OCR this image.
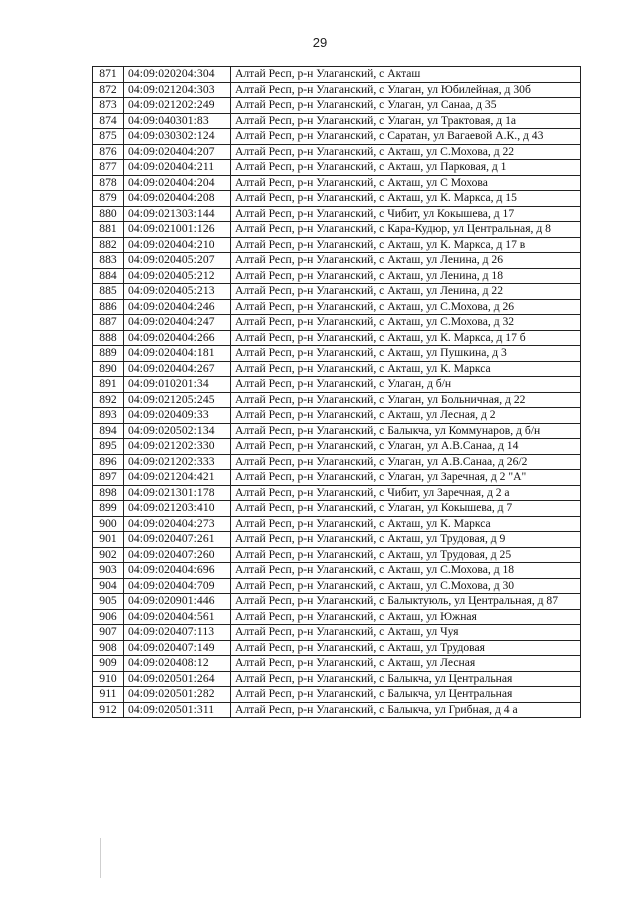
29
871	04:09:020204:304	Алтай Респ, р-н Улаганский, с Акташ
872	04:09:021204:303	Алтай Респ, р-н Улаганский, с Улаган, ул Юбилейная, д 30б
873	04:09:021202:249	Алтай Респ, р-н Улаганский, с Улаган, ул Санаа, д 35
874	04:09:040301:83	Алтай Респ, р-н Улаганский, с Улаган, ул Трактовая, д 1а
875	04:09:030302:124	Алтай Респ, р-н Улаганский, с Саратан, ул Вагаевой А.К., д 43
876	04:09:020404:207	Алтай Респ, р-н Улаганский, с Акташ, ул С.Мохова, д 22
877	04:09:020404:211	Алтай Респ, р-н Улаганский, с Акташ, ул Парковая, д 1
878	04:09:020404:204	Алтай Респ, р-н Улаганский, с Акташ, ул С Мохова
879	04:09:020404:208	Алтай Респ, р-н Улаганский, с Акташ, ул К. Маркса, д 15
880	04:09:021303:144	Алтай Респ, р-н Улаганский, с Чибит, ул Кокышева, д 17
881	04:09:021001:126	Алтай Респ, р-н Улаганский, с Кара-Кудюр, ул Центральная, д 8
882	04:09:020404:210	Алтай Респ, р-н Улаганский, с Акташ, ул К. Маркса, д 17 в
883	04:09:020405:207	Алтай Респ, р-н Улаганский, с Акташ, ул Ленина, д 26
884	04:09:020405:212	Алтай Респ, р-н Улаганский, с Акташ, ул Ленина, д 18
885	04:09:020405:213	Алтай Респ, р-н Улаганский, с Акташ, ул Ленина, д 22
886	04:09:020404:246	Алтай Респ, р-н Улаганский, с Акташ, ул С.Мохова, д 26
887	04:09:020404:247	Алтай Респ, р-н Улаганский, с Акташ, ул С.Мохова, д 32
888	04:09:020404:266	Алтай Респ, р-н Улаганский, с Акташ, ул К. Маркса, д 17 б
889	04:09:020404:181	Алтай Респ, р-н Улаганский, с Акташ, ул Пушкина, д 3
890	04:09:020404:267	Алтай Респ, р-н Улаганский, с Акташ, ул К. Маркса
891	04:09:010201:34	Алтай Респ, р-н Улаганский, с Улаган, д б/н
892	04:09:021205:245	Алтай Респ, р-н Улаганский, с Улаган, ул Больничная, д 22
893	04:09:020409:33	Алтай Респ, р-н Улаганский, с Акташ, ул Лесная, д 2
894	04:09:020502:134	Алтай Респ, р-н Улаганский, с Балыкча, ул Коммунаров, д б/н
895	04:09:021202:330	Алтай Респ, р-н Улаганский, с Улаган, ул А.В.Санаа, д 14
896	04:09:021202:333	Алтай Респ, р-н Улаганский, с Улаган, ул А.В.Санаа, д 26/2
897	04:09:021204:421	Алтай Респ, р-н Улаганский, с Улаган, ул Заречная, д 2 "А"
898	04:09:021301:178	Алтай Респ, р-н Улаганский, с Чибит, ул Заречная, д 2 а
899	04:09:021203:410	Алтай Респ, р-н Улаганский, с Улаган, ул Кокышева, д 7
900	04:09:020404:273	Алтай Респ, р-н Улаганский, с Акташ, ул К. Маркса
901	04:09:020407:261	Алтай Респ, р-н Улаганский, с Акташ, ул Трудовая, д 9
902	04:09:020407:260	Алтай Респ, р-н Улаганский, с Акташ, ул Трудовая, д 25
903	04:09:020404:696	Алтай Респ, р-н Улаганский, с Акташ, ул С.Мохова, д 18
904	04:09:020404:709	Алтай Респ, р-н Улаганский, с Акташ, ул С.Мохова, д 30
905	04:09:020901:446	Алтай Респ, р-н Улаганский, с Балыктуюль, ул Центральная, д 87
906	04:09:020404:561	Алтай Респ, р-н Улаганский, с Акташ, ул Южная
907	04:09:020407:113	Алтай Респ, р-н Улаганский, с Акташ, ул Чуя
908	04:09:020407:149	Алтай Респ, р-н Улаганский, с Акташ, ул Трудовая
909	04:09:020408:12	Алтай Респ, р-н Улаганский, с Акташ, ул Лесная
910	04:09:020501:264	Алтай Респ, р-н Улаганский, с Балыкча, ул Центральная
911	04:09:020501:282	Алтай Респ, р-н Улаганский, с Балыкча, ул Центральная
912	04:09:020501:311	Алтай Респ, р-н Улаганский, с Балыкча, ул Грибная, д 4 а
